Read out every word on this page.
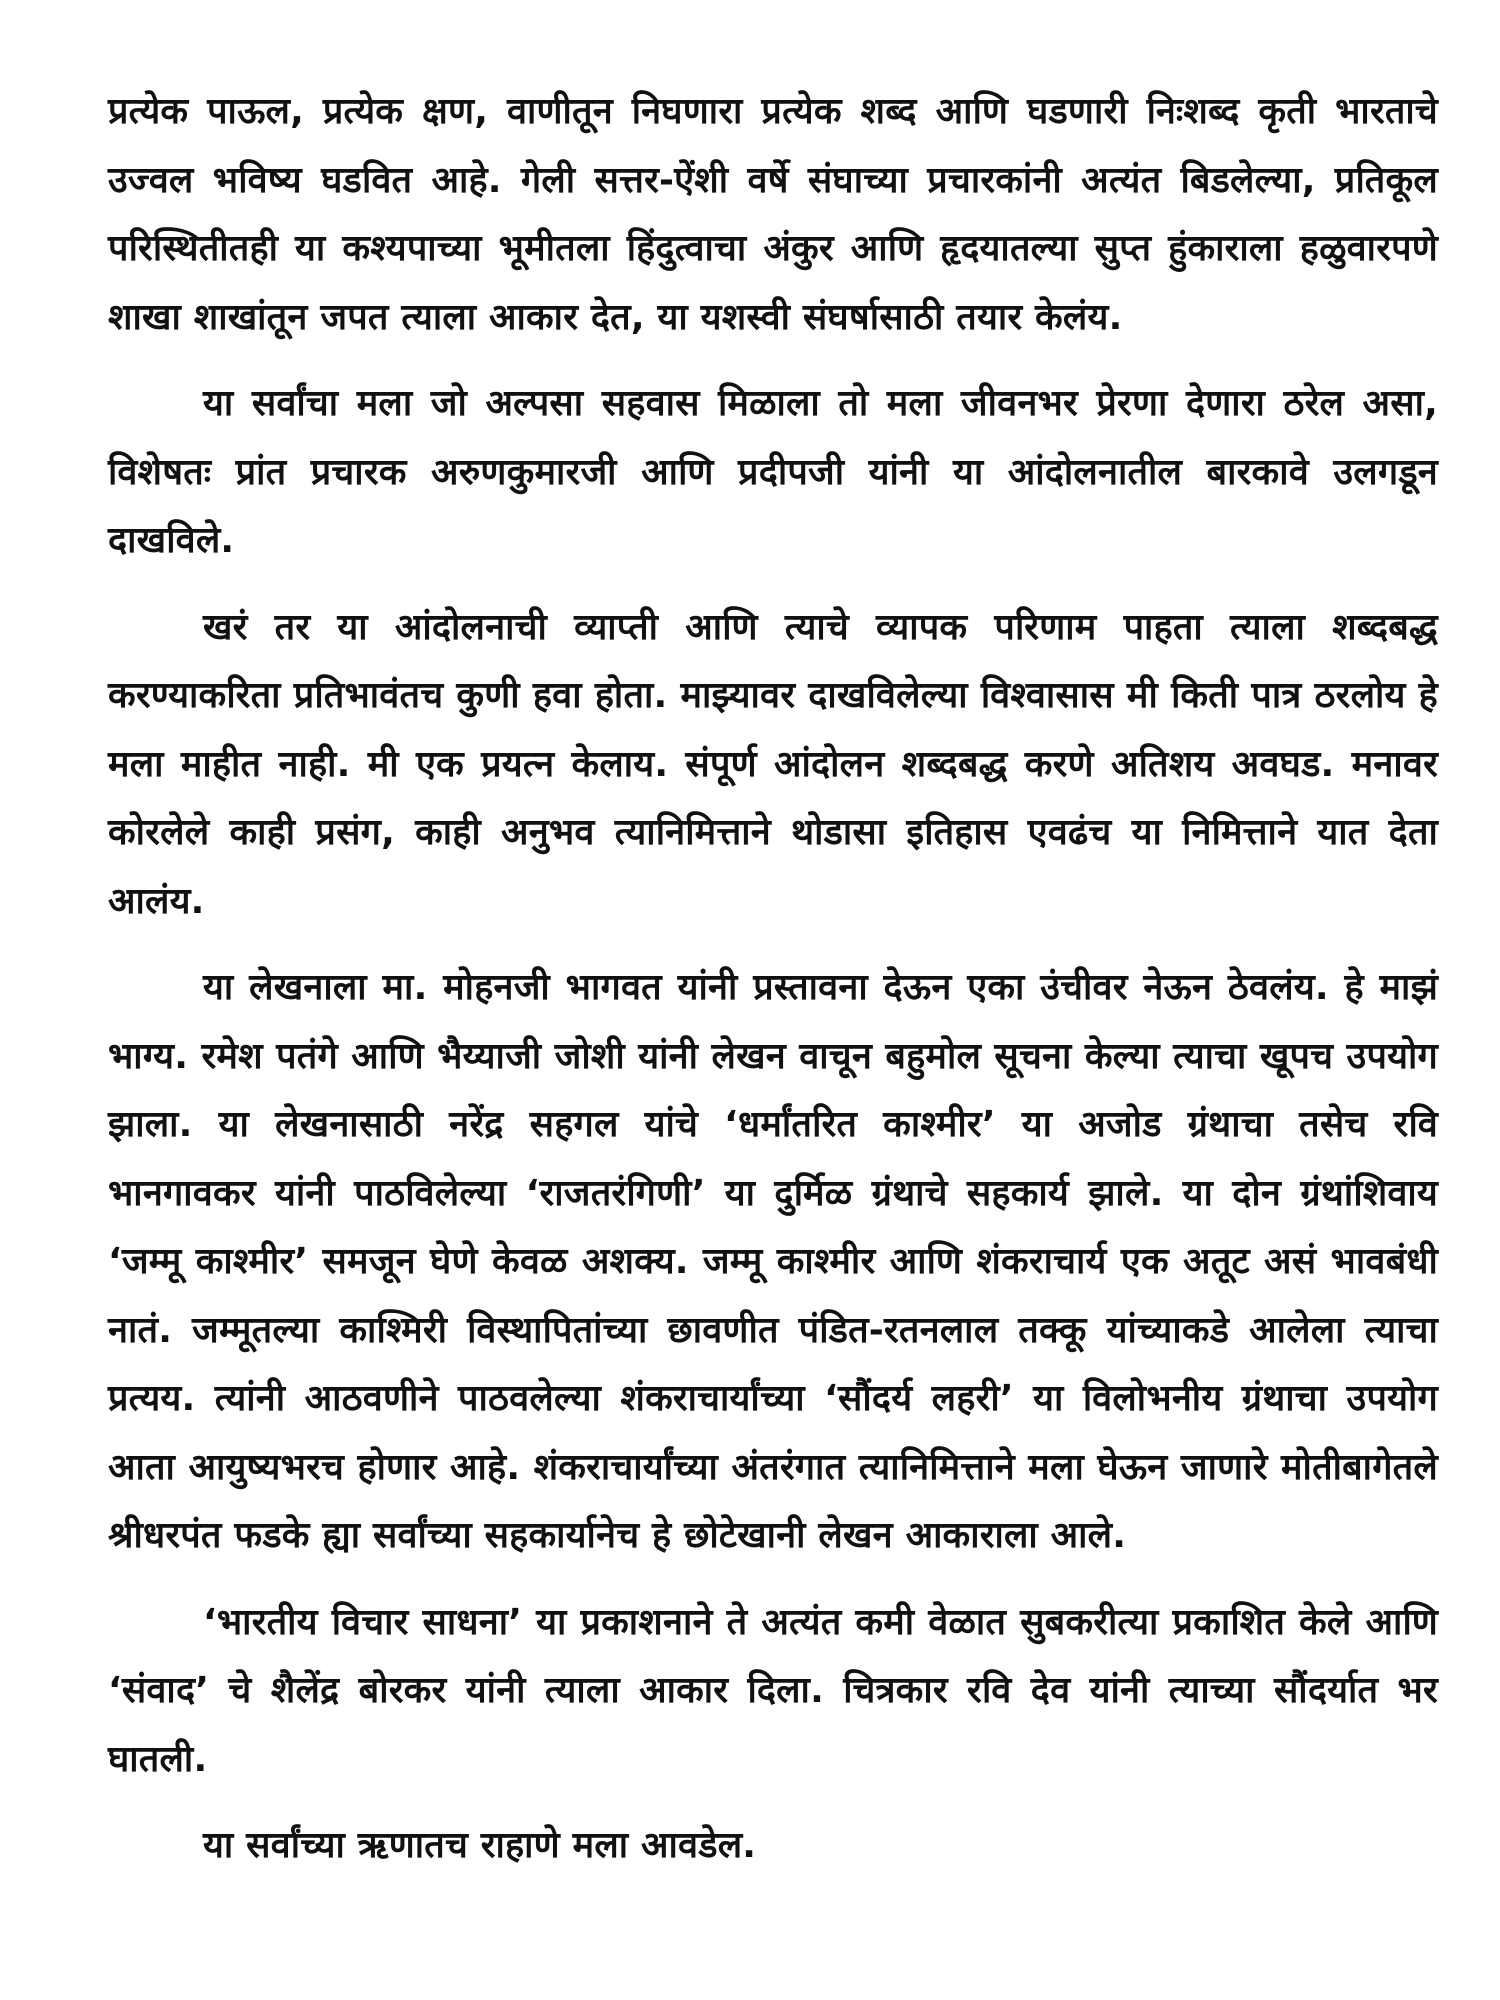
प्रत्येक पाऊल, प्रत्येक क्षण, वाणीतून निघणारा प्रत्येक शब्द आणि घडणारी निःशब्द कृती भारताचे उज्वल भविष्य घडवित आहे. गेली सत्तर-ऐंशी वर्षे संघाच्या प्रचारकांनी अत्यंत बिडलेल्या, प्रतिकूल परिस्थितीतही या कश्यपाच्या भूमीतला हिंदुत्वाचा अंकुर आणि हृदयातल्या सुप्त हुंकाराला हळुवारपणे शाखा शाखांतून जपत त्याला आकार देत, या यशस्वी संघर्षासाठी तयार केलंय.

या सर्वांचा मला जो अल्पसा सहवास मिळाला तो मला जीवनभर प्रेरणा देणारा ठरेल असा, विशेषतः प्रांत प्रचारक अरुणकुमारजी आणि प्रदीपजी यांनी या आंदोलनातील बारकावे उलगडून दाखविले.

खरं तर या आंदोलनाची व्याप्ती आणि त्याचे व्यापक परिणाम पाहता त्याला शब्दबद्ध करण्याकरिता प्रतिभावंतच कुणी हवा होता. माझ्यावर दाखविलेल्या विश्वासास मी किती पात्र ठरलोय हे मला माहीत नाही. मी एक प्रयत्न केलाय. संपूर्ण आंदोलन शब्दबद्ध करणे अतिशय अवघड. मनावर कोरलेले काही प्रसंग, काही अनुभव त्यानिमित्ताने थोडासा इतिहास एवढंच या निमित्ताने यात देता आलंय.

या लेखनाला मा. मोहनजी भागवत यांनी प्रस्तावना देऊन एका उंचीवर नेऊन ठेवलंय. हे माझं भाग्य. रमेश पतंगे आणि भैय्याजी जोशी यांनी लेखन वाचून बहुमोल सूचना केल्या त्याचा खूपच उपयोग झाला. या लेखनासाठी नरेंद्र सहगल यांचे ‘धर्मांतरित काश्मीर’ या अजोड ग्रंथाचा तसेच रवि भानगावकर यांनी पाठविलेल्या ‘राजतरंगिणी’ या दुर्मिळ ग्रंथाचे सहकार्य झाले. या दोन ग्रंथांशिवाय ‘जम्मू काश्मीर’ समजून घेणे केवळ अशक्य. जम्मू काश्मीर आणि शंकराचार्य एक अतूट असं भावबंधी नातं. जम्मूतल्या काश्मिरी विस्थापितांच्या छावणीत पंडित-रतनलाल तक्कू यांच्याकडे आलेला त्याचा प्रत्यय. त्यांनी आठवणीने पाठवलेल्या शंकराचार्यांच्या ‘सौंदर्य लहरी’ या विलोभनीय ग्रंथाचा उपयोग आता आयुष्यभरच होणार आहे. शंकराचार्यांच्या अंतरंगात त्यानिमित्ताने मला घेऊन जाणारे मोतीबागेतले श्रीधरपंत फडके ह्या सर्वांच्या सहकार्यानेच हे छोटेखानी लेखन आकाराला आले.

‘भारतीय विचार साधना’ या प्रकाशनाने ते अत्यंत कमी वेळात सुबकरीत्या प्रकाशित केले आणि ‘संवाद’ चे शैलेंद्र बोरकर यांनी त्याला आकार दिला. चित्रकार रवि देव यांनी त्याच्या सौंदर्यात भर घातली.

या सर्वांच्या ऋणातच राहाणे मला आवडेल.
